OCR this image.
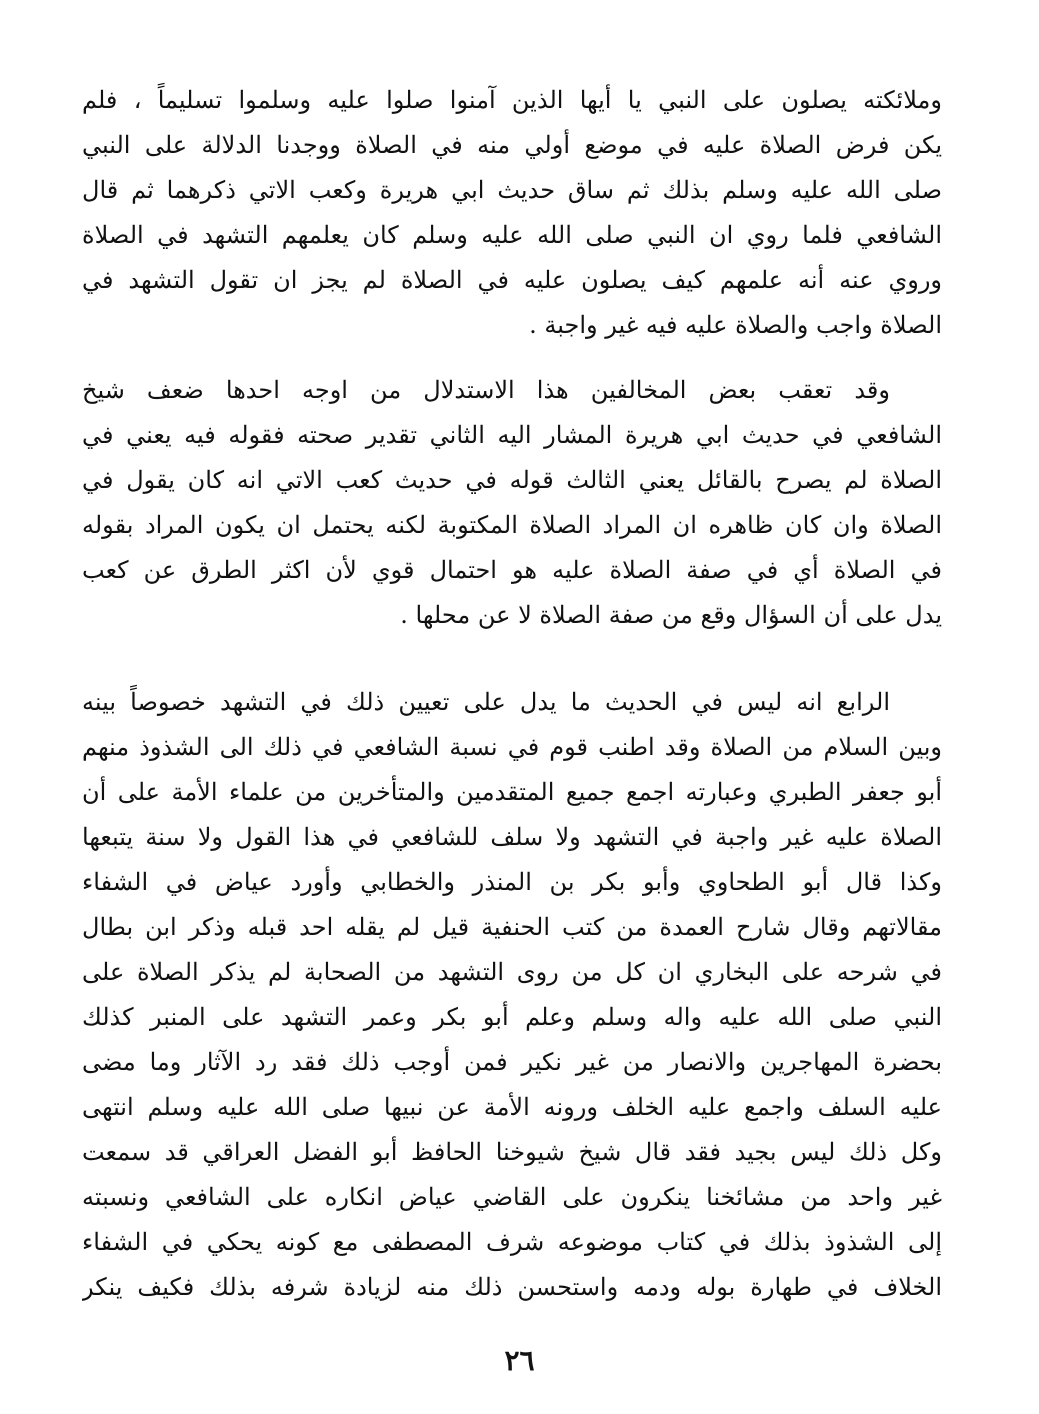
وملائكته يصلون على النبي يا أيها الذين آمنوا صلوا عليه وسلموا تسليماً ، فلم
يكن فرض الصلاة عليه في موضع أولي منه في الصلاة ووجدنا الدلالة على النبي
صلى الله عليه وسلم بذلك ثم ساق حديث ابي هريرة وكعب الاتي ذكرهما ثم قال
الشافعي فلما روي ان النبي صلى الله عليه وسلم كان يعلمهم التشهد في الصلاة
وروي عنه أنه علمهم كيف يصلون عليه في الصلاة لم يجز ان تقول التشهد في
الصلاة واجب والصلاة عليه فيه غير واجبة .
وقد تعقب بعض المخالفين هذا الاستدلال من اوجه احدها ضعف شيخ
الشافعي في حديث ابي هريرة المشار اليه الثاني تقدير صحته فقوله فيه يعني في
الصلاة لم يصرح بالقائل يعني الثالث قوله في حديث كعب الاتي انه كان يقول في
الصلاة وان كان ظاهره ان المراد الصلاة المكتوبة لكنه يحتمل ان يكون المراد بقوله
في الصلاة أي في صفة الصلاة عليه هو احتمال قوي لأن اكثر الطرق عن كعب
يدل على أن السؤال وقع من صفة الصلاة لا عن محلها .
الرابع انه ليس في الحديث ما يدل على تعيين ذلك في التشهد خصوصاً بينه
وبين السلام من الصلاة وقد اطنب قوم في نسبة الشافعي في ذلك الى الشذوذ منهم
أبو جعفر الطبري وعبارته اجمع جميع المتقدمين والمتأخرين من علماء الأمة على أن
الصلاة عليه غير واجبة في التشهد ولا سلف للشافعي في هذا القول ولا سنة يتبعها
وكذا قال أبو الطحاوي وأبو بكر بن المنذر والخطابي وأورد عياض في الشفاء
مقالاتهم وقال شارح العمدة من كتب الحنفية قيل لم يقله احد قبله وذكر ابن بطال
في شرحه على البخاري ان كل من روى التشهد من الصحابة لم يذكر الصلاة على
النبي صلى الله عليه واله وسلم وعلم أبو بكر وعمر التشهد على المنبر كذلك
بحضرة المهاجرين والانصار من غير نكير فمن أوجب ذلك فقد رد الآثار وما مضى
عليه السلف واجمع عليه الخلف ورونه الأمة عن نبيها صلى الله عليه وسلم انتهى
وكل ذلك ليس بجيد فقد قال شيخ شيوخنا الحافظ أبو الفضل العراقي قد سمعت
غير واحد من مشائخنا ينكرون على القاضي عياض انكاره على الشافعي ونسبته
إلى الشذوذ بذلك في كتاب موضوعه شرف المصطفى مع كونه يحكي في الشفاء
الخلاف في طهارة بوله ودمه واستحسن ذلك منه لزيادة شرفه بذلك فكيف ينكر
٢٦
